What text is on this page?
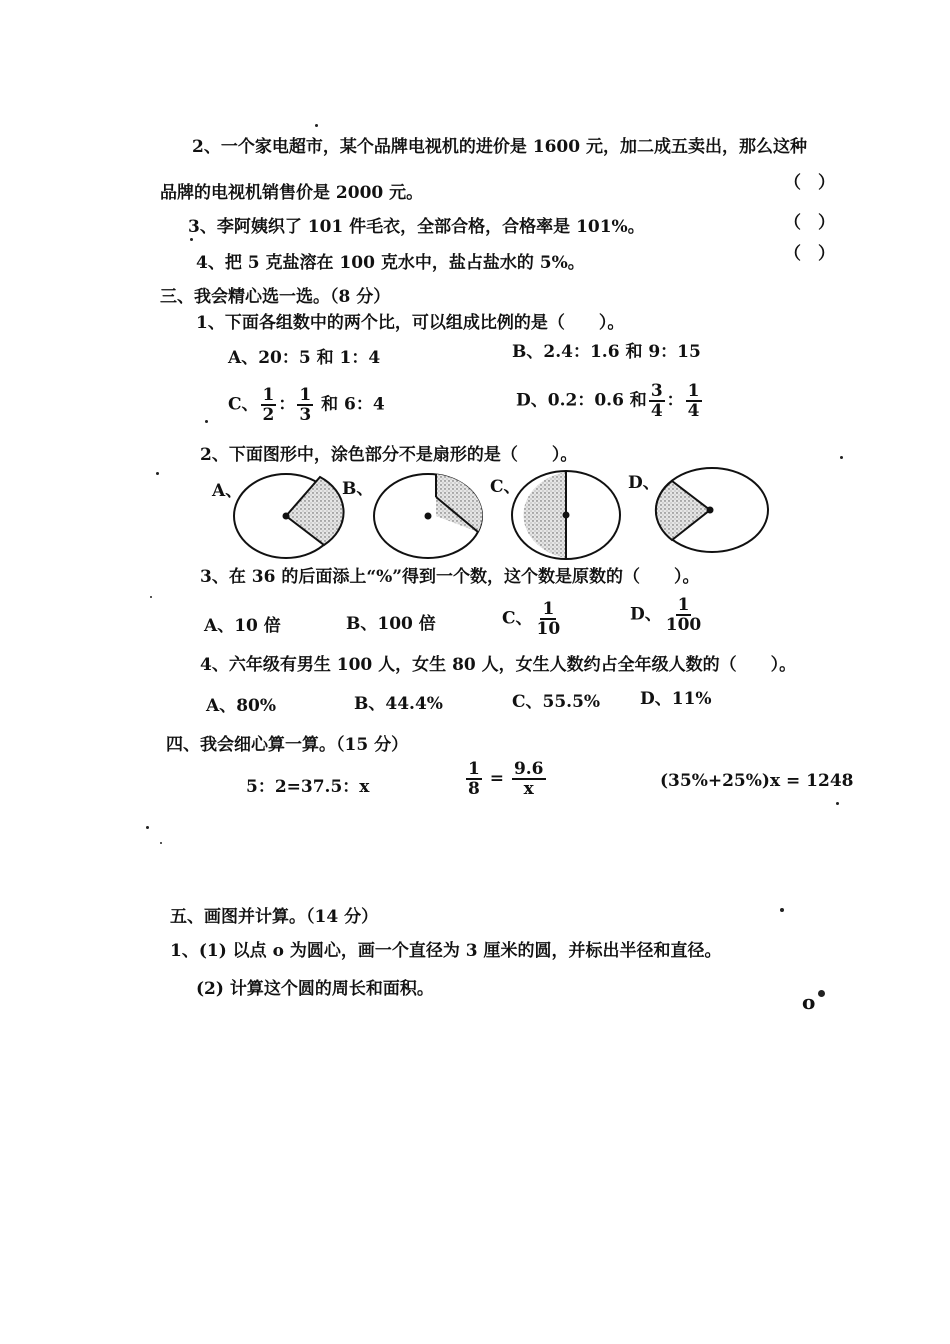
2、一个家电超市，某个品牌电视机的进价是 1600 元，加二成五卖出，那么这种
品牌的电视机销售价是 2000 元。	（　）
3、李阿姨织了 101 件毛衣，全部合格，合格率是 101%。	（　）
4、把 5 克盐溶在 100 克水中，盐占盐水的 5%。	（　）
三、我会精心选一选。（8 分）
1、下面各组数中的两个比，可以组成比例的是（　　）。
A、20：5 和 1：4	B、2.4：1.6 和 9：15
C、 $\frac{1}{2}$ ： $\frac{1}{3}$ 和 6：4	D、0.2：0.6 和 $\frac{3}{4}$ ： $\frac{1}{4}$
2、下面图形中，涂色部分不是扇形的是（　　）。
A、	B、	C、	D、
3、在 36 的后面添上“%”得到一个数，这个数是原数的（　　）。
A、10 倍	B、100 倍	C、 $\frac{1}{10}$	D、 $\frac{1}{100}$
4、六年级有男生 100 人，女生 80 人，女生人数约占全年级人数的（　　）。
A、80%	B、44.4%	C、55.5% D、11%
四、我会细心算一算。（15 分）
5：2=37.5：x	$\frac{1}{8} = \frac{9.6}{x}$	(35%+25%)x = 1248
五、画图并计算。（14 分）
1、(1) 以点 o 为圆心，画一个直径为 3 厘米的圆，并标出半径和直径。
(2) 计算这个圆的周长和面积。
o
